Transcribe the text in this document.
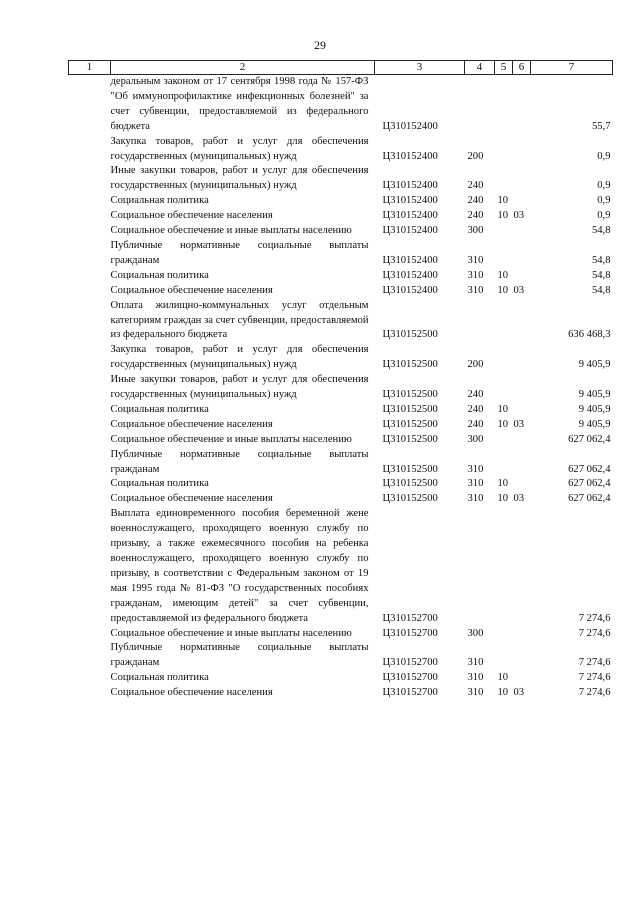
29
1	2	3	4	5	6	7
	деральным законом от 17 сентября 1998 года № 157-ФЗ "Об иммунопрофилактике инфекционных болезней" за счет субвенции, предоставляемой из федерального бюджета	Ц310152400				55,7
	Закупка товаров, работ и услуг для обеспечения государственных (муниципальных) нужд	Ц310152400	200			0,9
	Иные закупки товаров, работ и услуг для обеспечения государственных (муниципальных) нужд	Ц310152400	240			0,9
	Социальная политика	Ц310152400	240	10		0,9
	Социальное обеспечение населения	Ц310152400	240	10	03	0,9
	Социальное обеспечение и иные выплаты населению	Ц310152400	300			54,8
	Публичные нормативные социальные выплаты гражданам	Ц310152400	310			54,8
	Социальная политика	Ц310152400	310	10		54,8
	Социальное обеспечение населения	Ц310152400	310	10	03	54,8
	Оплата жилищно-коммунальных услуг отдельным категориям граждан за счет субвенции, предоставляемой из федерального бюджета	Ц310152500				636 468,3
	Закупка товаров, работ и услуг для обеспечения государственных (муниципальных) нужд	Ц310152500	200			9 405,9
	Иные закупки товаров, работ и услуг для обеспечения государственных (муниципальных) нужд	Ц310152500	240			9 405,9
	Социальная политика	Ц310152500	240	10		9 405,9
	Социальное обеспечение населения	Ц310152500	240	10	03	9 405,9
	Социальное обеспечение и иные выплаты населению	Ц310152500	300			627 062,4
	Публичные нормативные социальные выплаты гражданам	Ц310152500	310			627 062,4
	Социальная политика	Ц310152500	310	10		627 062,4
	Социальное обеспечение населения	Ц310152500	310	10	03	627 062,4
	Выплата единовременного пособия беременной жене военнослужащего, проходящего военную службу по призыву, а также ежемесячного пособия на ребенка военнослужащего, проходящего военную службу по призыву, в соответствии с Федеральным законом от 19 мая 1995 года № 81-ФЗ "О государственных пособиях гражданам, имеющим детей" за счет субвенции, предоставляемой из федерального бюджета	Ц310152700				7 274,6
	Социальное обеспечение и иные выплаты населению	Ц310152700	300			7 274,6
	Публичные нормативные социальные выплаты гражданам	Ц310152700	310			7 274,6
	Социальная политика	Ц310152700	310	10		7 274,6
	Социальное обеспечение населения	Ц310152700	310	10	03	7 274,6
